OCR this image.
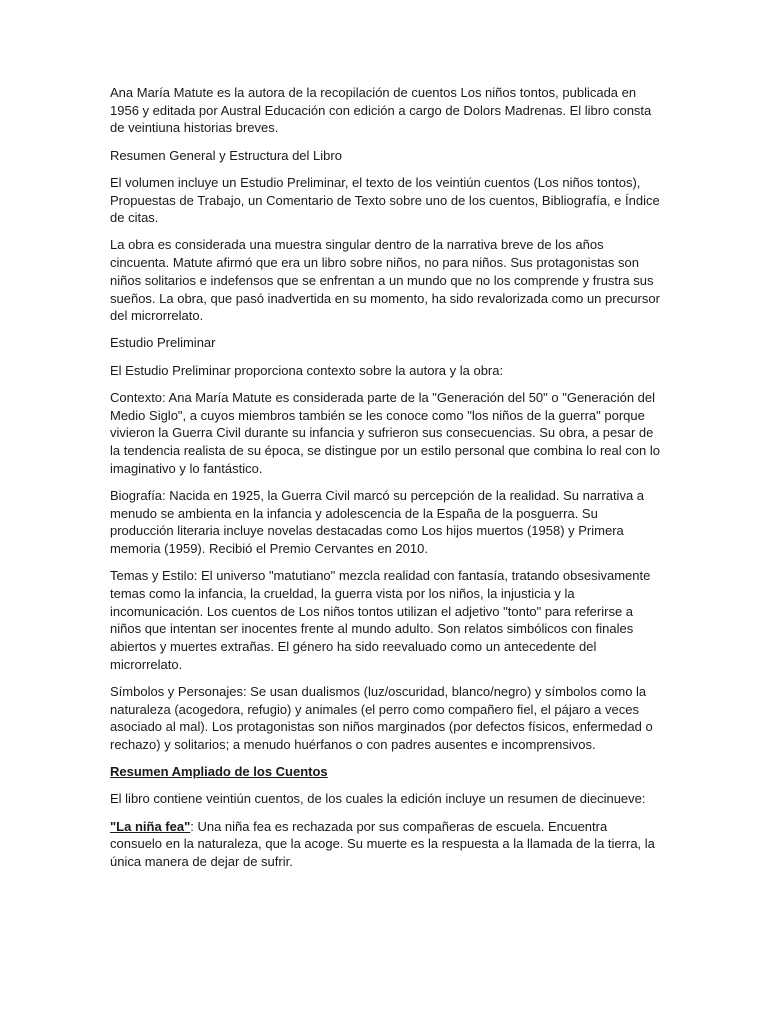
Ana María Matute es la autora de la recopilación de cuentos Los niños tontos, publicada en 1956 y editada por Austral Educación con edición a cargo de Dolors Madrenas. El libro consta de veintiuna historias breves.

Resumen General y Estructura del Libro

El volumen incluye un Estudio Preliminar, el texto de los veintiún cuentos (Los niños tontos), Propuestas de Trabajo, un Comentario de Texto sobre uno de los cuentos, Bibliografía, e Índice de citas.

La obra es considerada una muestra singular dentro de la narrativa breve de los años cincuenta. Matute afirmó que era un libro sobre niños, no para niños. Sus protagonistas son niños solitarios e indefensos que se enfrentan a un mundo que no los comprende y frustra sus sueños. La obra, que pasó inadvertida en su momento, ha sido revalorizada como un precursor del microrrelato.

Estudio Preliminar

El Estudio Preliminar proporciona contexto sobre la autora y la obra:

Contexto: Ana María Matute es considerada parte de la "Generación del 50" o "Generación del Medio Siglo", a cuyos miembros también se les conoce como "los niños de la guerra" porque vivieron la Guerra Civil durante su infancia y sufrieron sus consecuencias. Su obra, a pesar de la tendencia realista de su época, se distingue por un estilo personal que combina lo real con lo imaginativo y lo fantástico.

Biografía: Nacida en 1925, la Guerra Civil marcó su percepción de la realidad. Su narrativa a menudo se ambienta en la infancia y adolescencia de la España de la posguerra. Su producción literaria incluye novelas destacadas como Los hijos muertos (1958) y Primera memoria (1959). Recibió el Premio Cervantes en 2010.

Temas y Estilo: El universo "matutiano" mezcla realidad con fantasía, tratando obsesivamente temas como la infancia, la crueldad, la guerra vista por los niños, la injusticia y la incomunicación. Los cuentos de Los niños tontos utilizan el adjetivo "tonto" para referirse a niños que intentan ser inocentes frente al mundo adulto. Son relatos simbólicos con finales abiertos y muertes extrañas. El género ha sido reevaluado como un antecedente del microrrelato.

Símbolos y Personajes: Se usan dualismos (luz/oscuridad, blanco/negro) y símbolos como la naturaleza (acogedora, refugio) y animales (el perro como compañero fiel, el pájaro a veces asociado al mal). Los protagonistas son niños marginados (por defectos físicos, enfermedad o rechazo) y solitarios; a menudo huérfanos o con padres ausentes e incomprensivos.

Resumen Ampliado de los Cuentos

El libro contiene veintiún cuentos, de los cuales la edición incluye un resumen de diecinueve:

"La niña fea": Una niña fea es rechazada por sus compañeras de escuela. Encuentra consuelo en la naturaleza, que la acoge. Su muerte es la respuesta a la llamada de la tierra, la única manera de dejar de sufrir.
